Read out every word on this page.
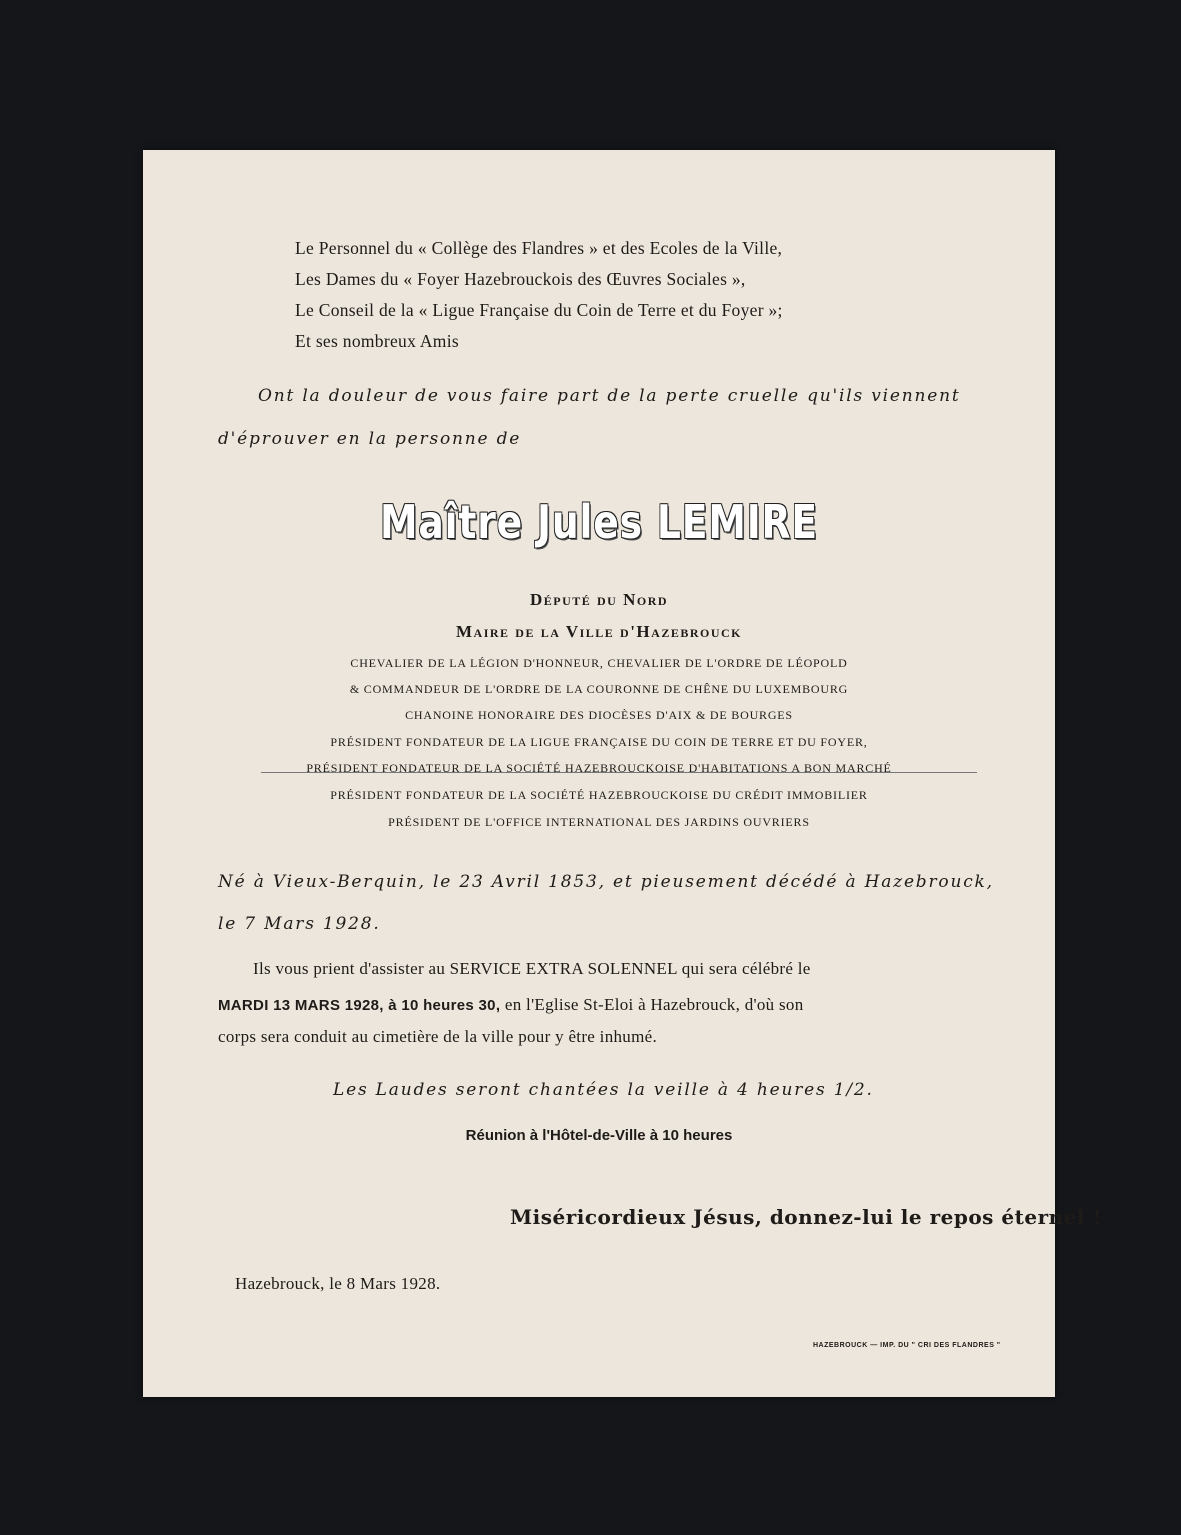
Le Personnel du « Collège des Flandres » et des Ecoles de la Ville,
Les Dames du « Foyer Hazebrouckois des Œuvres Sociales »,
Le Conseil de la « Ligue Française du Coin de Terre et du Foyer »;
Et ses nombreux Amis
Ont la douleur de vous faire part de la perte cruelle qu'ils viennent
d'éprouver en la personne de
Maître Jules LEMIRE
Député du Nord
Maire de la Ville d'Hazebrouck
CHEVALIER DE LA LÉGION D'HONNEUR, CHEVALIER DE L'ORDRE DE LÉOPOLD
& COMMANDEUR DE L'ORDRE DE LA COURONNE DE CHÊNE DU LUXEMBOURG
CHANOINE HONORAIRE DES DIOCÈSES D'AIX & DE BOURGES
PRÉSIDENT FONDATEUR DE LA LIGUE FRANÇAISE DU COIN DE TERRE ET DU FOYER,
PRÉSIDENT FONDATEUR DE LA SOCIÉTÉ HAZEBROUCKOISE D'HABITATIONS A BON MARCHÉ
PRÉSIDENT FONDATEUR DE LA SOCIÉTÉ HAZEBROUCKOISE DU CRÉDIT IMMOBILIER
PRÉSIDENT DE L'OFFICE INTERNATIONAL DES JARDINS OUVRIERS
Né à Vieux-Berquin, le 23 Avril 1853, et pieusement décédé à Hazebrouck,
le 7 Mars 1928.
Ils vous prient d'assister au SERVICE EXTRA SOLENNEL qui sera célébré le
MARDI 13 MARS 1928, à 10 heures 30, en l'Eglise St-Eloi à Hazebrouck, d'où son
corps sera conduit au cimetière de la ville pour y être inhumé.
Les Laudes seront chantées la veille à 4 heures 1/2.
Réunion à l'Hôtel-de-Ville à 10 heures
Miséricordieux Jésus, donnez-lui le repos éternel !
Hazebrouck, le 8 Mars 1928.
HAZEBROUCK — IMP. DU " CRI DES FLANDRES "
